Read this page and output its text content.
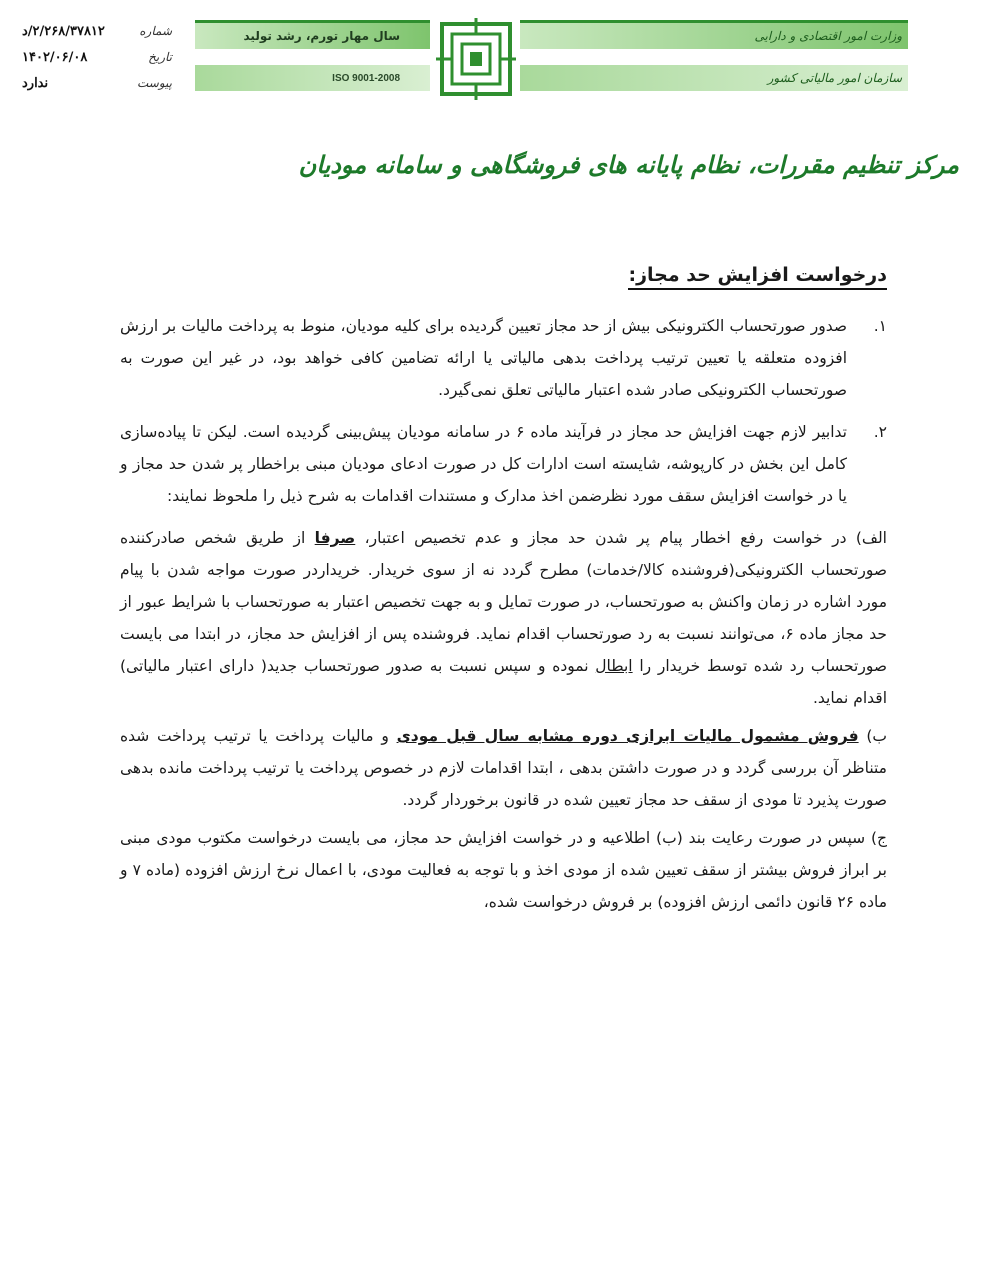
شماره
۲/۲۶۸/۳۷۸۱۲/د
تاریخ
۱۴۰۲/۰۶/۰۸
پیوست
ندارد
سال مهار تورم، رشد تولید
ISO 9001-2008
وزارت امور اقتصادی و دارایی
سازمان امور مالیاتی کشور
مرکز تنظیم مقررات، نظام پایانه های فروشگاهی و سامانه مودیان
درخواست افزایش حد مجاز:
۱.
صدور صورتحساب الکترونیکی بیش از حد مجاز تعیین گردیده برای کلیه مودیان، منوط به پرداخت مالیات بر ارزش افزوده متعلقه یا تعیین ترتیب پرداخت بدهی مالیاتی یا ارائه تضامین کافی خواهد بود، در غیر این صورت به صورتحساب الکترونیکی صادر شده اعتبار مالیاتی تعلق نمی‌گیرد.
۲.
تدابیر لازم جهت افزایش حد مجاز در فرآیند ماده ۶ در سامانه مودیان پیش‌بینی گردیده است. لیکن تا پیاده‌سازی کامل این بخش در کارپوشه، شایسته است ادارات کل در صورت ادعای مودیان مبنی براخطار پر شدن حد مجاز و یا در خواست افزایش سقف مورد نظرضمن اخذ مدارک و مستندات اقدامات به شرح ذیل را ملحوظ نمایند:
الف) در خواست رفع اخطار پیام پر شدن حد مجاز و عدم تخصیص اعتبار، صرفا از طریق شخص صادرکننده صورتحساب الکترونیکی(فروشنده کالا/خدمات) مطرح گردد نه از سوی خریدار. خریداردر صورت مواجه شدن با پیام مورد اشاره در زمان واکنش به صورتحساب، در صورت تمایل و به جهت تخصیص اعتبار به صورتحساب با شرایط عبور از حد مجاز ماده ۶، می‌توانند نسبت به رد صورتحساب اقدام نماید. فروشنده پس از افزایش حد مجاز، در ابتدا می بایست صورتحساب رد شده توسط خریدار را ابطال نموده و سپس نسبت به صدور صورتحساب جدید( دارای اعتبار مالیاتی) اقدام نماید.
ب) فروش مشمول مالیات ابرازی دوره مشابه سال قبل مودی و مالیات پرداخت یا ترتیب پرداخت شده متناظر آن بررسی گردد و در صورت داشتن بدهی ، ابتدا اقدامات لازم در خصوص پرداخت یا ترتیب پرداخت مانده بدهی صورت پذیرد تا مودی از سقف حد مجاز تعیین شده در قانون برخوردار گردد.
ج) سپس در صورت رعایت بند (ب) اطلاعیه و در خواست افزایش حد مجاز، می بایست درخواست مکتوب مودی مبنی بر ابراز فروش بیشتر از سقف تعیین شده از مودی اخذ و با توجه به فعالیت مودی، با اعمال نرخ ارزش افزوده (ماده ۷ و ماده ۲۶ قانون دائمی ارزش افزوده) بر فروش درخواست شده،
